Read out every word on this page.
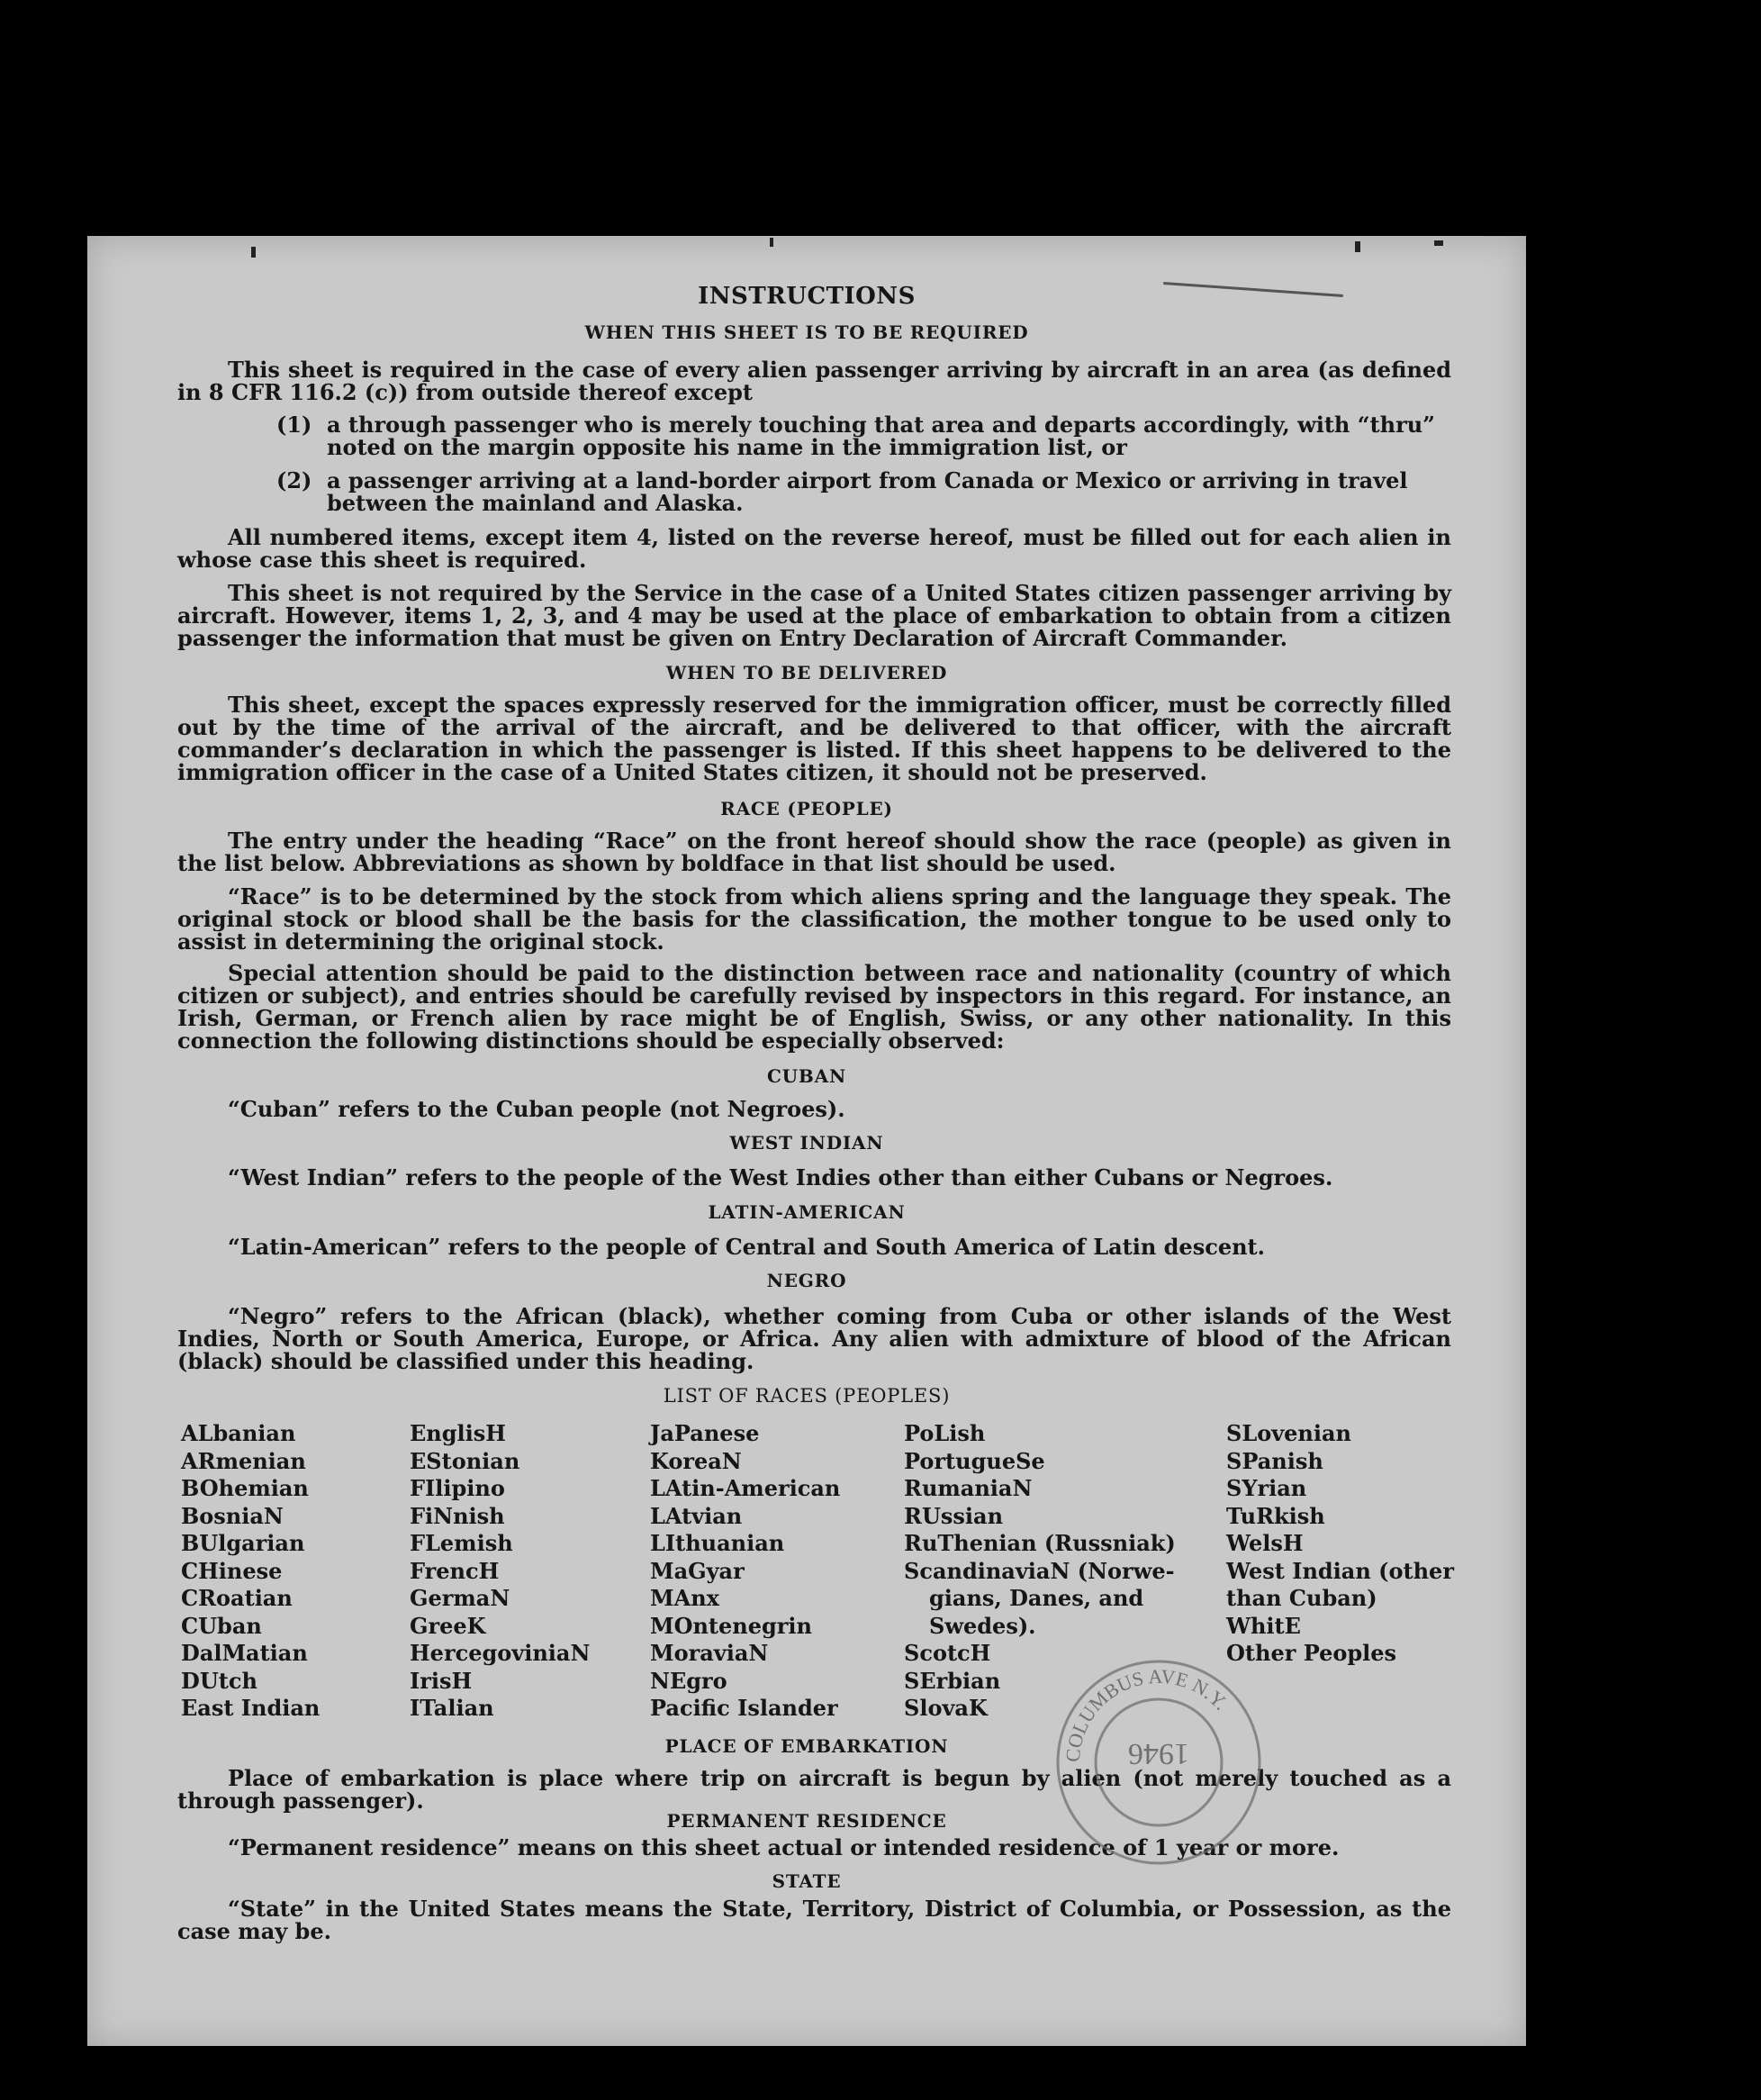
INSTRUCTIONS
WHEN THIS SHEET IS TO BE REQUIRED

This sheet is required in the case of every alien passenger arriving by aircraft in an area (as defined in 8 CFR 116.2 (c)) from outside thereof except

(1) a through passenger who is merely touching that area and departs accordingly, with “thru” noted on the margin opposite his name in the immigration list, or
(2) a passenger arriving at a land-border airport from Canada or Mexico or arriving in travel between the mainland and Alaska.

All numbered items, except item 4, listed on the reverse hereof, must be filled out for each alien in whose case this sheet is required.

This sheet is not required by the Service in the case of a United States citizen passenger arriving by aircraft. However, items 1, 2, 3, and 4 may be used at the place of embarkation to obtain from a citizen passenger the information that must be given on Entry Declaration of Aircraft Commander.

WHEN TO BE DELIVERED

This sheet, except the spaces expressly reserved for the immigration officer, must be correctly filled out by the time of the arrival of the aircraft, and be delivered to that officer, with the aircraft commander’s declaration in which the passenger is listed. If this sheet happens to be delivered to the immigration officer in the case of a United States citizen, it should not be preserved.

RACE (PEOPLE)

The entry under the heading “Race” on the front hereof should show the race (people) as given in the list below. Abbreviations as shown by boldface in that list should be used.

“Race” is to be determined by the stock from which aliens spring and the language they speak. The original stock or blood shall be the basis for the classification, the mother tongue to be used only to assist in determining the original stock.

Special attention should be paid to the distinction between race and nationality (country of which citizen or subject), and entries should be carefully revised by inspectors in this regard. For instance, an Irish, German, or French alien by race might be of English, Swiss, or any other nationality. In this connection the following distinctions should be especially observed:

CUBAN

“Cuban” refers to the Cuban people (not Negroes).

WEST INDIAN

“West Indian” refers to the people of the West Indies other than either Cubans or Negroes.

LATIN-AMERICAN

“Latin-American” refers to the people of Central and South America of Latin descent.

NEGRO

“Negro” refers to the African (black), whether coming from Cuba or other islands of the West Indies, North or South America, Europe, or Africa. Any alien with admixture of blood of the African (black) should be classified under this heading.

LIST OF RACES (PEOPLES)
ALbanian
ARmenian
BOhemian
BosniaN
BUlgarian
CHinese
CRoatian
CUban
DalMatian
DUtch
East Indian
EnglisH
EStonian
FIlipino
FiNnish
FLemish
FrencH
GermaN
GreeK
HercegoviniaN
IrisH
ITalian
JaPanese
KoreaN
LAtin-American
LAtvian
LIthuanian
MaGyar
MAnx
MOntenegrin
MoraviaN
NEgro
Pacific Islander
PoLish
PortugueSe
RumaniaN
RUssian
RuThenian (Russniak)
ScandinaviaN (Norwe-
gians, Danes, and
Swedes).
ScotcH
SErbian
SlovaK
SLovenian
SPanish
SYrian
TuRkish
WelsH
West Indian (other
than Cuban)
WhitE
Other Peoples
PLACE OF EMBARKATION

Place of embarkation is place where trip on aircraft is begun by alien (not merely touched as a through passenger).

PERMANENT RESIDENCE

“Permanent residence” means on this sheet actual or intended residence of 1 year or more.

STATE

“State” in the United States means the State, Territory, District of Columbia, or Possession, as the case may be.

COLUMBUS AVE N.Y.
1946
